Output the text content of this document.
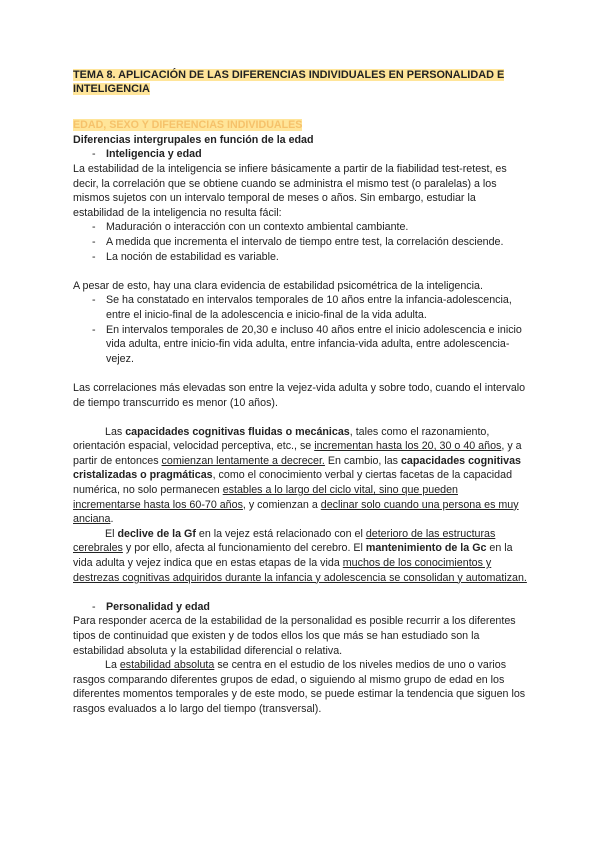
TEMA 8. APLICACIÓN DE LAS DIFERENCIAS INDIVIDUALES EN PERSONALIDAD E INTELIGENCIA

EDAD, SEXO Y DIFERENCIAS INDIVIDUALES

Diferencias intergrupales en función de la edad

- Inteligencia y edad

La estabilidad de la inteligencia se infiere básicamente a partir de la fiabilidad test-retest, es decir, la correlación que se obtiene cuando se administra el mismo test (o paralelas) a los mismos sujetos con un intervalo temporal de meses o años. Sin embargo, estudiar la estabilidad de la inteligencia no resulta fácil:

- Maduración o interacción con un contexto ambiental cambiante.
- A medida que incrementa el intervalo de tiempo entre test, la correlación desciende.
- La noción de estabilidad es variable.

A pesar de esto, hay una clara evidencia de estabilidad psicométrica de la inteligencia.

- Se ha constatado en intervalos temporales de 10 años entre la infancia-adolescencia, entre el inicio-final de la adolescencia e inicio-final de la vida adulta.
- En intervalos temporales de 20,30 e incluso 40 años entre el inicio adolescencia e inicio vida adulta, entre inicio-fin vida adulta, entre infancia-vida adulta, entre adolescencia-vejez.

Las correlaciones más elevadas son entre la vejez-vida adulta y sobre todo, cuando el intervalo de tiempo transcurrido es menor (10 años).

Las capacidades cognitivas fluidas o mecánicas, tales como el razonamiento, orientación espacial, velocidad perceptiva, etc., se incrementan hasta los 20, 30 o 40 años, y a partir de entonces comienzan lentamente a decrecer. En cambio, las capacidades cognitivas cristalizadas o pragmáticas, como el conocimiento verbal y ciertas facetas de la capacidad numérica, no solo permanecen estables a lo largo del ciclo vital, sino que pueden incrementarse hasta los 60-70 años, y comienzan a declinar solo cuando una persona es muy anciana.

El declive de la Gf en la vejez está relacionado con el deterioro de las estructuras cerebrales y por ello, afecta al funcionamiento del cerebro. El mantenimiento de la Gc en la vida adulta y vejez indica que en estas etapas de la vida muchos de los conocimientos y destrezas cognitivas adquiridos durante la infancia y adolescencia se consolidan y automatizan.

- Personalidad y edad

Para responder acerca de la estabilidad de la personalidad es posible recurrir a los diferentes tipos de continuidad que existen y de todos ellos los que más se han estudiado son la estabilidad absoluta y la estabilidad diferencial o relativa.

La estabilidad absoluta se centra en el estudio de los niveles medios de uno o varios rasgos comparando diferentes grupos de edad, o siguiendo al mismo grupo de edad en los diferentes momentos temporales y de este modo, se puede estimar la tendencia que siguen los rasgos evaluados a lo largo del tiempo (transversal).
